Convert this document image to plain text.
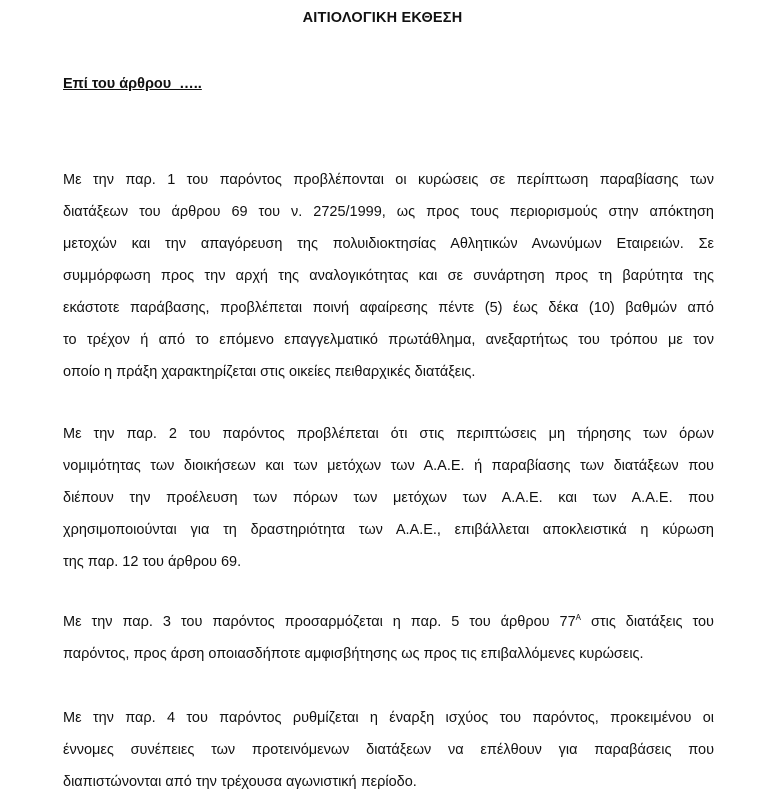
ΑΙΤΙΟΛΟΓΙΚΗ ΕΚΘΕΣΗ
Επί του άρθρου  …..
Με την παρ. 1 του παρόντος προβλέπονται οι κυρώσεις σε περίπτωση παραβίασης των
διατάξεων του άρθρου 69 του ν. 2725/1999, ως προς τους περιορισμούς στην απόκτηση
μετοχών και την απαγόρευση της πολυιδιοκτησίας Αθλητικών Ανωνύμων Εταιρειών. Σε
συμμόρφωση προς την αρχή της αναλογικότητας και σε συνάρτηση προς τη βαρύτητα της
εκάστοτε παράβασης, προβλέπεται ποινή αφαίρεσης πέντε (5) έως δέκα (10) βαθμών από
το τρέχον ή από το επόμενο επαγγελματικό πρωτάθλημα, ανεξαρτήτως του τρόπου με τον
οποίο η πράξη χαρακτηρίζεται στις οικείες πειθαρχικές διατάξεις.
Με την παρ. 2 του παρόντος προβλέπεται ότι στις περιπτώσεις μη τήρησης των όρων
νομιμότητας των διοικήσεων και των μετόχων των Α.Α.Ε. ή παραβίασης των διατάξεων που
διέπουν την προέλευση των πόρων των μετόχων των Α.Α.Ε. και των Α.Α.Ε. που
χρησιμοποιούνται για τη δραστηριότητα των Α.Α.Ε., επιβάλλεται αποκλειστικά η κύρωση
της παρ. 12 του άρθρου 69.
Με την παρ. 3 του παρόντος προσαρμόζεται η παρ. 5 του άρθρου $77^A$ στις διατάξεις του
παρόντος, προς άρση οποιασδήποτε αμφισβήτησης ως προς τις επιβαλλόμενες κυρώσεις.
Με την παρ. 4 του παρόντος ρυθμίζεται η έναρξη ισχύος του παρόντος, προκειμένου οι
έννομες συνέπειες των προτεινόμενων διατάξεων να επέλθουν για παραβάσεις που
διαπιστώνονται από την τρέχουσα αγωνιστική περίοδο.
